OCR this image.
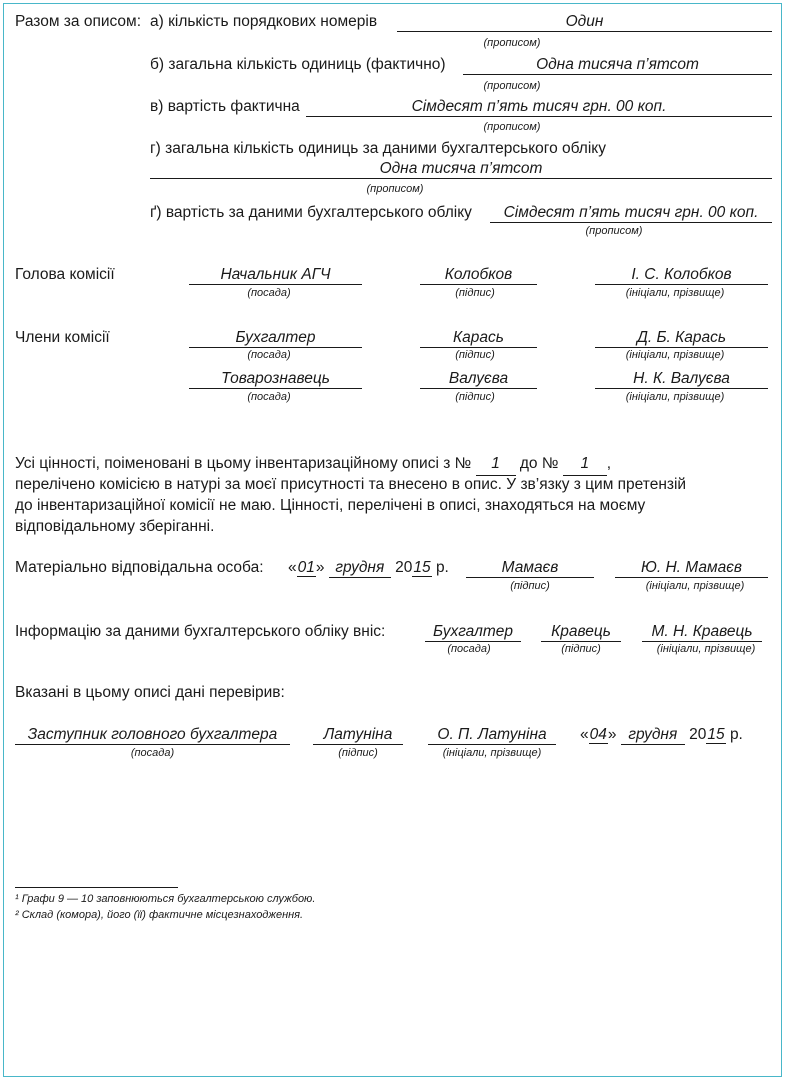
Разом за описом: а) кількість порядкових номерів	Один
(прописом)
б) загальна кількість одиниць (фактично)	Одна тисяча п’ятсот
(прописом)
в) вартість фактична	Сімдесят п’ять тисяч грн. 00 коп.
(прописом)
г) загальна кількість одиниць за даними бухгалтерського обліку
Одна тисяча п’ятсот
(прописом)
ґ) вартість за даними бухгалтерського обліку	Сімдесят п’ять тисяч грн. 00 коп.
(прописом)
Голова комісії	Начальник АГЧ	Колобков	І. С. Колобков
(посада)	(підпис)	(ініціали, прізвище)
Члени комісії	Бухгалтер	Карась	Д. Б. Карась
(посада)	(підпис)	(ініціали, прізвище)
Товарознавець	Валуєва	Н. К. Валуєва
(посада)	(підпис)	(ініціали, прізвище)
Усі цінності, поіменовані в цьому інвентаризаційному описі з № 1 до № 1 ,
перелічено комісією в натурі за моєї присутності та внесено в опис. У зв’язку з цим претензій
до інвентаризаційної комісії не маю. Цінності, перелічені в описі, знаходяться на моєму
відповідальному зберіганні.
Матеріально відповідальна особа: «01» грудня 2015 р.	Мамаєв	Ю. Н. Мамаєв
(підпис)	(ініціали, прізвище)
Інформацію за даними бухгалтерського обліку вніс:	Бухгалтер	Кравець	М. Н. Кравець
(посада)	(підпис)	(ініціали, прізвище)
Вказані в цьому описі дані перевірив:
Заступник головного бухгалтера	Латуніна	О. П. Латуніна	«04» грудня 2015 р.
(посада)	(підпис)	(ініціали, прізвище)
¹ Графи 9 — 10 заповнюються бухгалтерською службою.
² Склад (комора), його (її) фактичне місцезнаходження.
